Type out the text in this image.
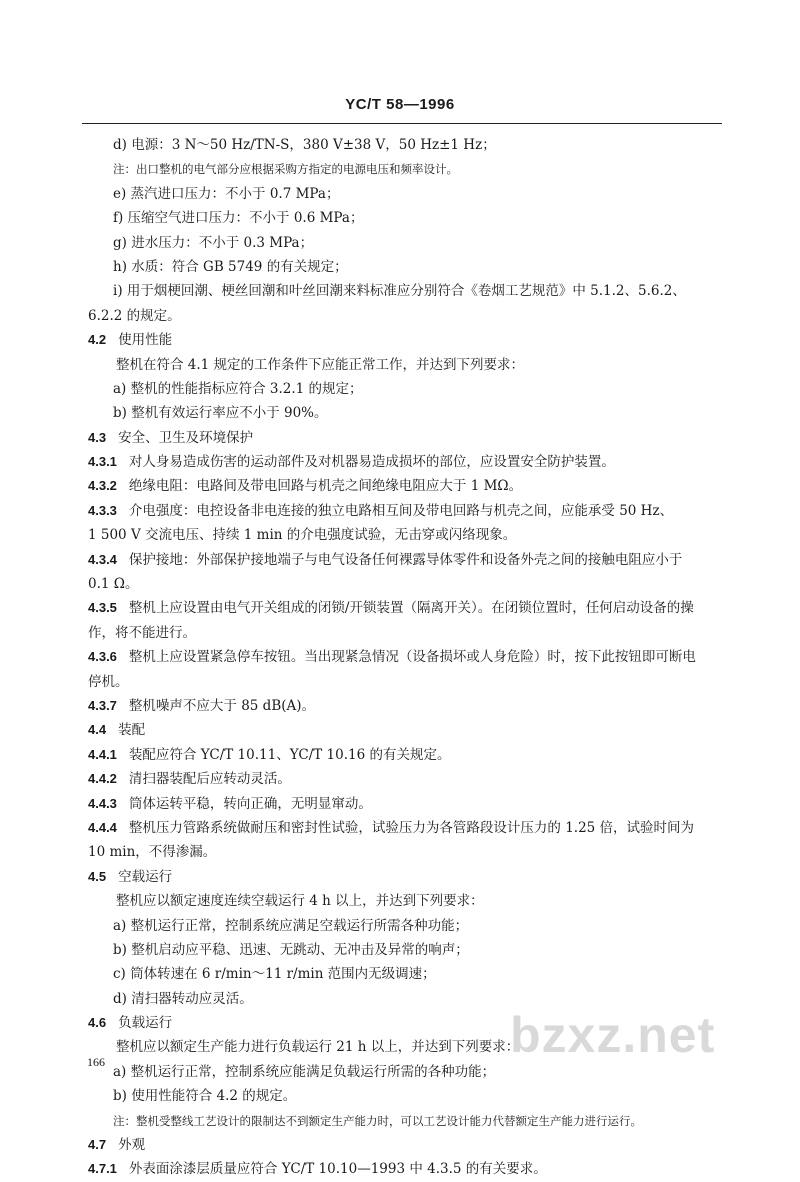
YC/T 58—1996
d) 电源：3 N～50 Hz/TN-S，380 V±38 V，50 Hz±1 Hz；
注：出口整机的电气部分应根据采购方指定的电源电压和频率设计。
e) 蒸汽进口压力：不小于 0.7 MPa；
f) 压缩空气进口压力：不小于 0.6 MPa；
g) 进水压力：不小于 0.3 MPa；
h) 水质：符合 GB 5749 的有关规定；
i) 用于烟梗回潮、梗丝回潮和叶丝回潮来料标准应分别符合《卷烟工艺规范》中 5.1.2、5.6.2、
6.2.2 的规定。
4.2 使用性能
整机在符合 4.1 规定的工作条件下应能正常工作，并达到下列要求：
a) 整机的性能指标应符合 3.2.1 的规定；
b) 整机有效运行率应不小于 90%。
4.3 安全、卫生及环境保护
4.3.1 对人身易造成伤害的运动部件及对机器易造成损坏的部位，应设置安全防护装置。
4.3.2 绝缘电阻：电路间及带电回路与机壳之间绝缘电阻应大于 1 MΩ。
4.3.3 介电强度：电控设备非电连接的独立电路相互间及带电回路与机壳之间，应能承受 50 Hz、
1 500 V 交流电压、持续 1 min 的介电强度试验，无击穿或闪络现象。
4.3.4 保护接地：外部保护接地端子与电气设备任何裸露导体零件和设备外壳之间的接触电阻应小于
0.1 Ω。
4.3.5 整机上应设置由电气开关组成的闭锁/开锁装置（隔离开关）。在闭锁位置时，任何启动设备的操
作，将不能进行。
4.3.6 整机上应设置紧急停车按钮。当出现紧急情况（设备损坏或人身危险）时，按下此按钮即可断电
停机。
4.3.7 整机噪声不应大于 85 dB(A)。
4.4 装配
4.4.1 装配应符合 YC/T 10.11、YC/T 10.16 的有关规定。
4.4.2 清扫器装配后应转动灵活。
4.4.3 筒体运转平稳，转向正确，无明显窜动。
4.4.4 整机压力管路系统做耐压和密封性试验，试验压力为各管路段设计压力的 1.25 倍，试验时间为
10 min，不得渗漏。
4.5 空载运行
整机应以额定速度连续空载运行 4 h 以上，并达到下列要求：
a) 整机运行正常，控制系统应满足空载运行所需各种功能；
b) 整机启动应平稳、迅速、无跳动、无冲击及异常的响声；
c) 筒体转速在 6 r/min～11 r/min 范围内无级调速；
d) 清扫器转动应灵活。
4.6 负载运行
整机应以额定生产能力进行负载运行 21 h 以上，并达到下列要求：
a) 整机运行正常，控制系统应能满足负载运行所需的各种功能；
b) 使用性能符合 4.2 的规定。
注：整机受整线工艺设计的限制达不到额定生产能力时，可以工艺设计能力代替额定生产能力进行运行。
4.7 外观
4.7.1 外表面涂漆层质量应符合 YC/T 10.10—1993 中 4.3.5 的有关要求。
166	bzxz.net
